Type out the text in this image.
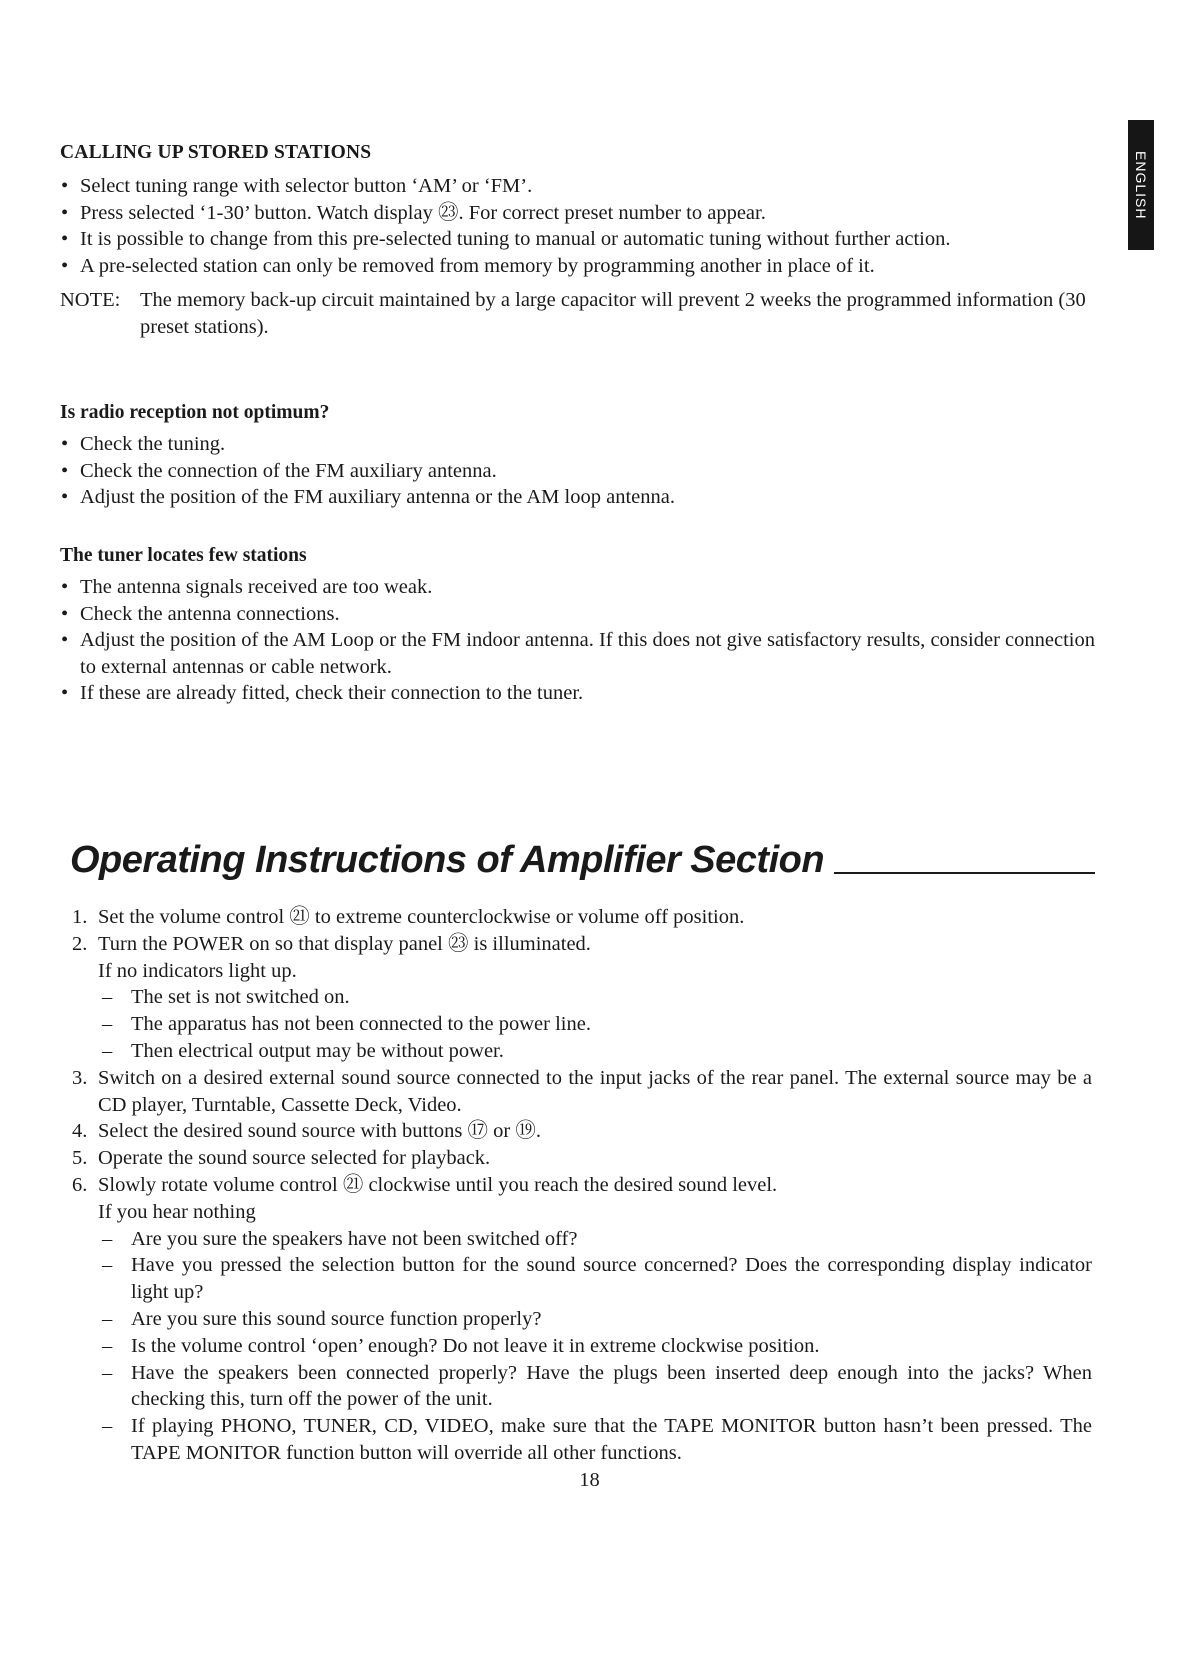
ENGLISH
CALLING UP STORED STATIONS
• Select tuning range with selector button ‘AM’ or ‘FM’.
• Press selected ‘1-30’ button. Watch display ㉓. For correct preset number to appear.
• It is possible to change from this pre-selected tuning to manual or automatic tuning without further action.
• A pre-selected station can only be removed from memory by programming another in place of it.
NOTE: The memory back-up circuit maintained by a large capacitor will prevent 2 weeks the programmed information (30 preset stations).
Is radio reception not optimum?
• Check the tuning.
• Check the connection of the FM auxiliary antenna.
• Adjust the position of the FM auxiliary antenna or the AM loop antenna.
The tuner locates few stations
• The antenna signals received are too weak.
• Check the antenna connections.
• Adjust the position of the AM Loop or the FM indoor antenna. If this does not give satisfactory results, consider connection to external antennas or cable network.
• If these are already fitted, check their connection to the tuner.
Operating Instructions of Amplifier Section
1. Set the volume control ㉑ to extreme counterclockwise or volume off position.
2. Turn the POWER on so that display panel ㉓ is illuminated.
If no indicators light up.
– The set is not switched on.
– The apparatus has not been connected to the power line.
– Then electrical output may be without power.
3. Switch on a desired external sound source connected to the input jacks of the rear panel. The external source may be a CD player, Turntable, Cassette Deck, Video.
4. Select the desired sound source with buttons ⑰ or ⑲.
5. Operate the sound source selected for playback.
6. Slowly rotate volume control ㉑ clockwise until you reach the desired sound level.
If you hear nothing
– Are you sure the speakers have not been switched off?
– Have you pressed the selection button for the sound source concerned? Does the corresponding display indicator light up?
– Are you sure this sound source function properly?
– Is the volume control ‘open’ enough? Do not leave it in extreme clockwise position.
– Have the speakers been connected properly? Have the plugs been inserted deep enough into the jacks? When checking this, turn off the power of the unit.
– If playing PHONO, TUNER, CD, VIDEO, make sure that the TAPE MONITOR button hasn’t been pressed. The TAPE MONITOR function button will override all other functions.
18
